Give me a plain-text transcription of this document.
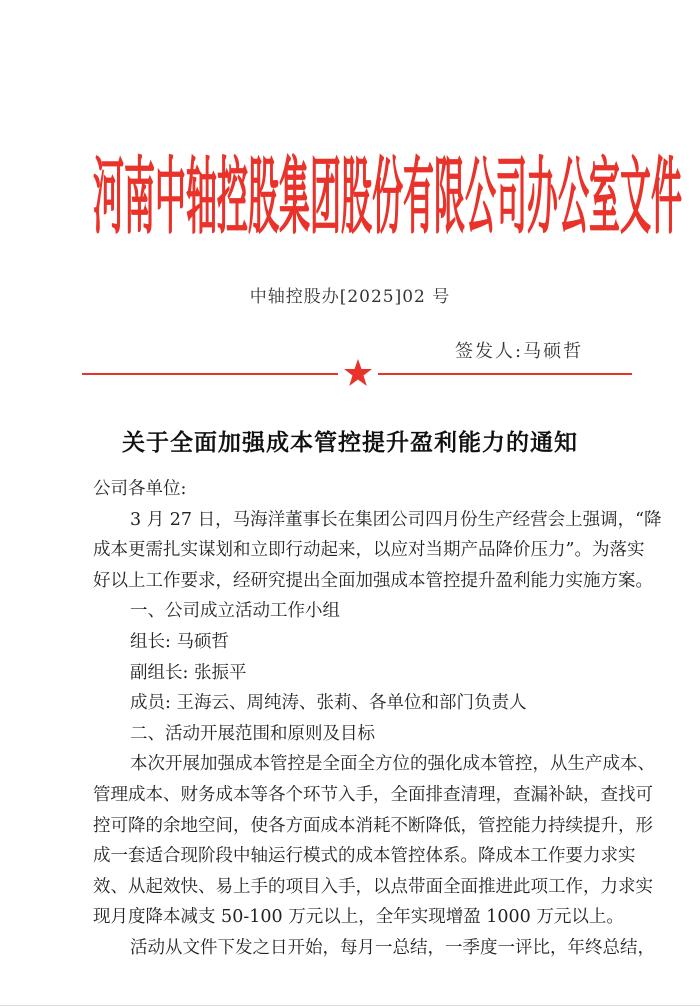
河 南 中 轴 控 股 集 团 股 份 有 限 公 司 办 公 室 文 件
中轴控股办[2025]02 号
签发人:马硕哲
关于全面加强成本管控提升盈利能力的通知
公司各单位:
3 月 27 日，马海洋董事长在集团公司四月份生产经营会上强调，“降
成本更需扎实谋划和立即行动起来，以应对当期产品降价压力”。为落实
好以上工作要求，经研究提出全面加强成本管控提升盈利能力实施方案。
一、公司成立活动工作小组
组长: 马硕哲
副组长: 张振平
成员: 王海云、周纯涛、张莉、各单位和部门负责人
二、活动开展范围和原则及目标
本次开展加强成本管控是全面全方位的强化成本管控，从生产成本、
管理成本、财务成本等各个环节入手，全面排查清理，查漏补缺，查找可
控可降的余地空间，使各方面成本消耗不断降低，管控能力持续提升，形
成一套适合现阶段中轴运行模式的成本管控体系。降成本工作要力求实
效、从起效快、易上手的项目入手，以点带面全面推进此项工作，力求实
现月度降本减支 50-100 万元以上，全年实现增盈 1000 万元以上。
活动从文件下发之日开始，每月一总结，一季度一评比，年终总结，
